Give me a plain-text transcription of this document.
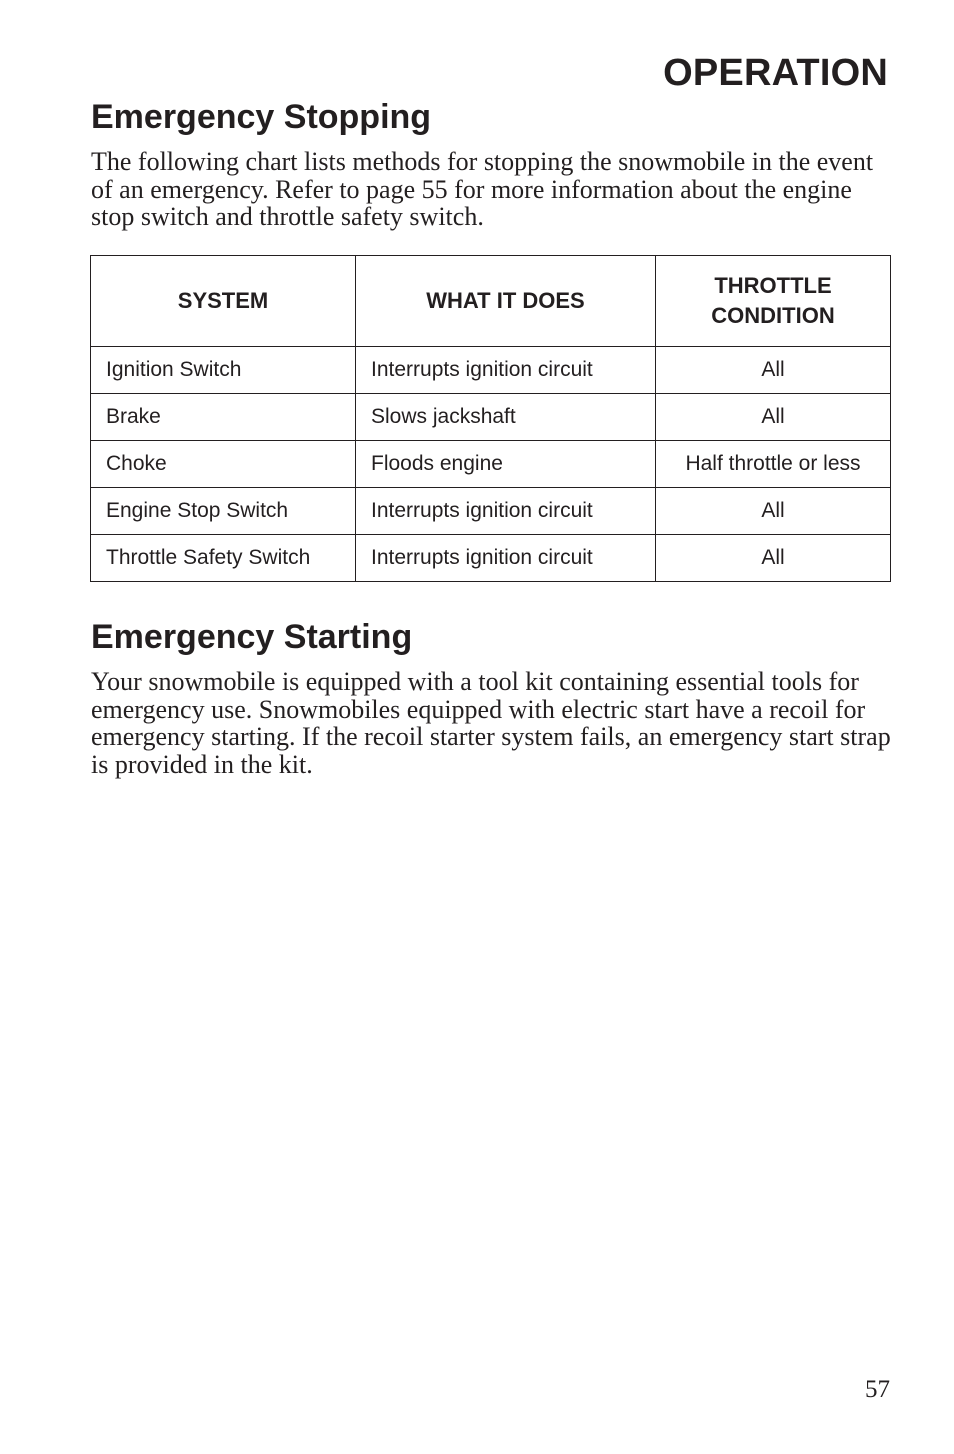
OPERATION
Emergency Stopping

The following chart lists methods for stopping the snowmobile in the event of an emergency. Refer to page 55 for more information about the engine stop switch and throttle safety switch.

SYSTEM	WHAT IT DOES	THROTTLE
CONDITION

Ignition Switch	Interrupts ignition circuit	All
Brake	Slows jackshaft	All
Choke	Floods engine	Half throttle or less
Engine Stop Switch	Interrupts ignition circuit	All
Throttle Safety Switch	Interrupts ignition circuit	All
Emergency Starting

Your snowmobile is equipped with a tool kit containing essential tools for emergency use. Snowmobiles equipped with electric start have a recoil for emergency starting. If the recoil starter system fails, an emergency start strap is provided in the kit.

57
